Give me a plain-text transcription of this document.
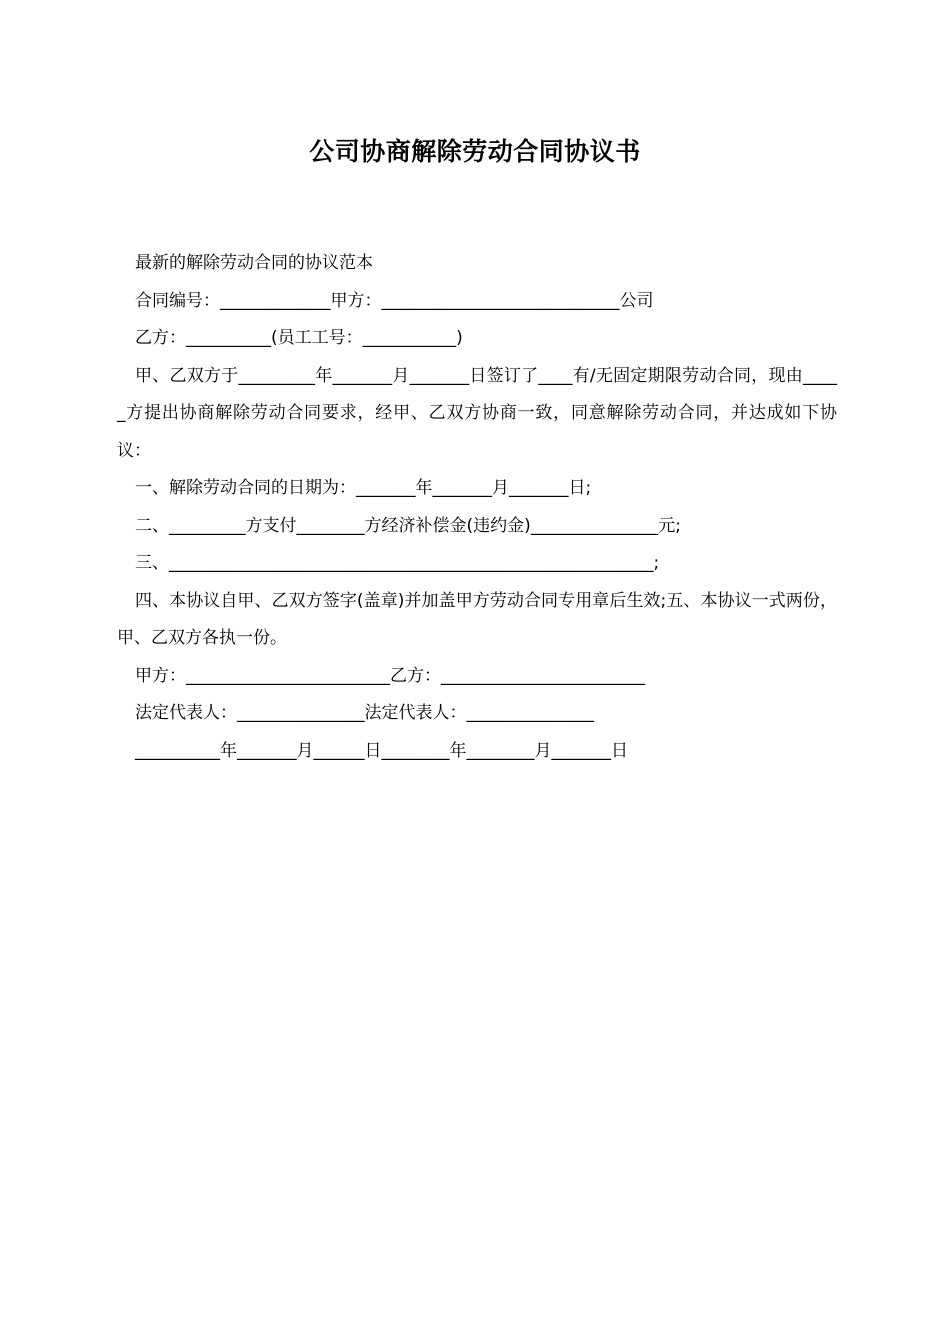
公司协商解除劳动合同协议书

最新的解除劳动合同的协议范本

合同编号：_____________甲方：____________________________公司

乙方：__________(员工工号：___________)

甲、乙双方于_________年_______月_______日签订了____有/无固定期限劳动合同，现由_____方提出协商解除劳动合同要求，经甲、乙双方协商一致，同意解除劳动合同，并达成如下协议：

一、解除劳动合同的日期为：_______年_______月_______日;

二、_________方支付________方经济补偿金(违约金)_______________元;

三、_________________________________________________________;

四、本协议自甲、乙双方签字(盖章)并加盖甲方劳动合同专用章后生效;五、本协议一式两份，甲、乙双方各执一份。

甲方：________________________乙方：________________________

法定代表人：_______________法定代表人：_______________

__________年_______月______日________年________月_______日
